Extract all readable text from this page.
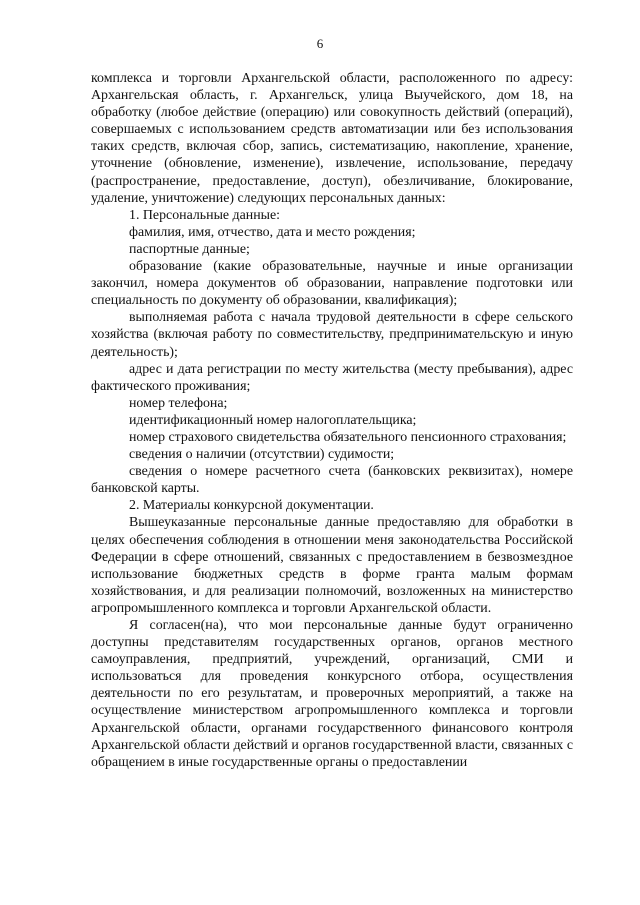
6

комплекса и торговли Архангельской области, расположенного по адресу: Архангельская область, г. Архангельск, улица Выучейского, дом 18, на обработку (любое действие (операцию) или совокупность действий (операций), совершаемых с использованием средств автоматизации или без использования таких средств, включая сбор, запись, систематизацию, накопление, хранение, уточнение (обновление, изменение), извлечение, использование, передачу (распространение, предоставление, доступ), обезличивание, блокирование, удаление, уничтожение) следующих персональных данных:

1. Персональные данные:

фамилия, имя, отчество, дата и место рождения;

паспортные данные;

образование (какие образовательные, научные и иные организации закончил, номера документов об образовании, направление подготовки или специальность по документу об образовании, квалификация);

выполняемая работа с начала трудовой деятельности в сфере сельского хозяйства (включая работу по совместительству, предпринимательскую и иную деятельность);

адрес и дата регистрации по месту жительства (месту пребывания), адрес фактического проживания;

номер телефона;

идентификационный номер налогоплательщика;

номер страхового свидетельства обязательного пенсионного страхования;

сведения о наличии (отсутствии) судимости;

сведения о номере расчетного счета (банковских реквизитах), номере банковской карты.

2. Материалы конкурсной документации.

Вышеуказанные персональные данные предоставляю для обработки в целях обеспечения соблюдения в отношении меня законодательства Российской Федерации в сфере отношений, связанных с предоставлением в безвозмездное использование бюджетных средств в форме гранта малым формам хозяйствования, и для реализации полномочий, возложенных на министерство агропромышленного комплекса и торговли Архангельской области.

Я согласен(на), что мои персональные данные будут ограниченно доступны представителям государственных органов, органов местного самоуправления, предприятий, учреждений, организаций, СМИ и использоваться для проведения конкурсного отбора, осуществления деятельности по его результатам, и проверочных мероприятий, а также на осуществление министерством агропромышленного комплекса и торговли Архангельской области, органами государственного финансового контроля Архангельской области действий и органов государственной власти, связанных с обращением в иные государственные органы о предоставлении
